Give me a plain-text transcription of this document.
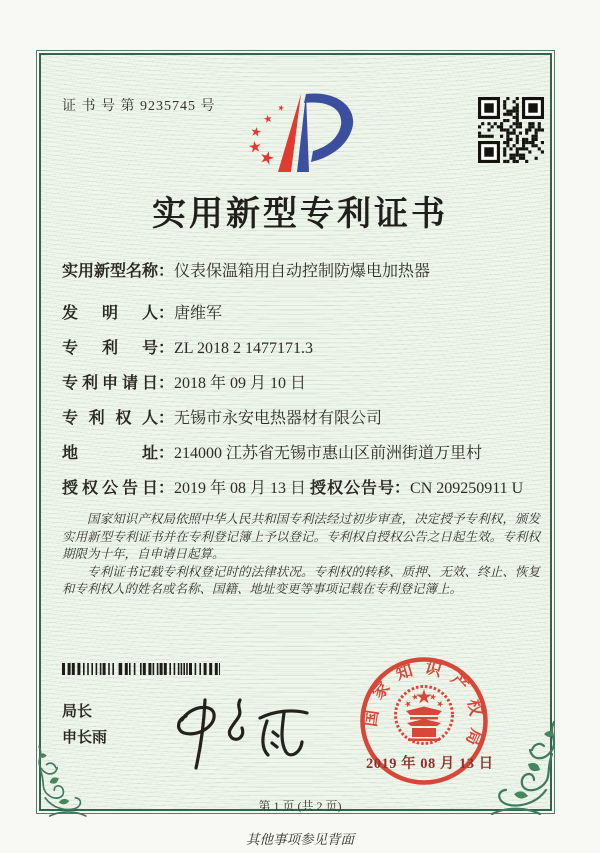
证 书 号 第 9235745 号
实用新型专利证书
实用新型名称 ： 仪表保温箱用自动控制防爆电加热器
发明人 ： 唐维军
专利号 ： ZL 2018 2 1477171.3
专利申请日 ： 2018 年 09 月 10 日
专利权人 ： 无锡市永安电热器材有限公司
地址 ： 214000 江苏省无锡市惠山区前洲街道万里村
授权公告日 ： 2019 年 08 月 13 日 授权公告号 ： CN 209250911 U

国家知识产权局依照中华人民共和国专利法经过初步审查，决定授予专利权，颁发实用新型专利证书并在专利登记簿上予以登记。专利权自授权公告之日起生效。专利权期限为十年，自申请日起算。

专利证书记载专利权登记时的法律状况。专利权的转移、质押、无效、终止、恢复和专利权人的姓名或名称、国籍、地址变更等事项记载在专利登记簿上。

局长
申长雨
国家知识产权局
2019 年 08 月 13 日
第 1 页 (共 2 页)
其他事项参见背面
